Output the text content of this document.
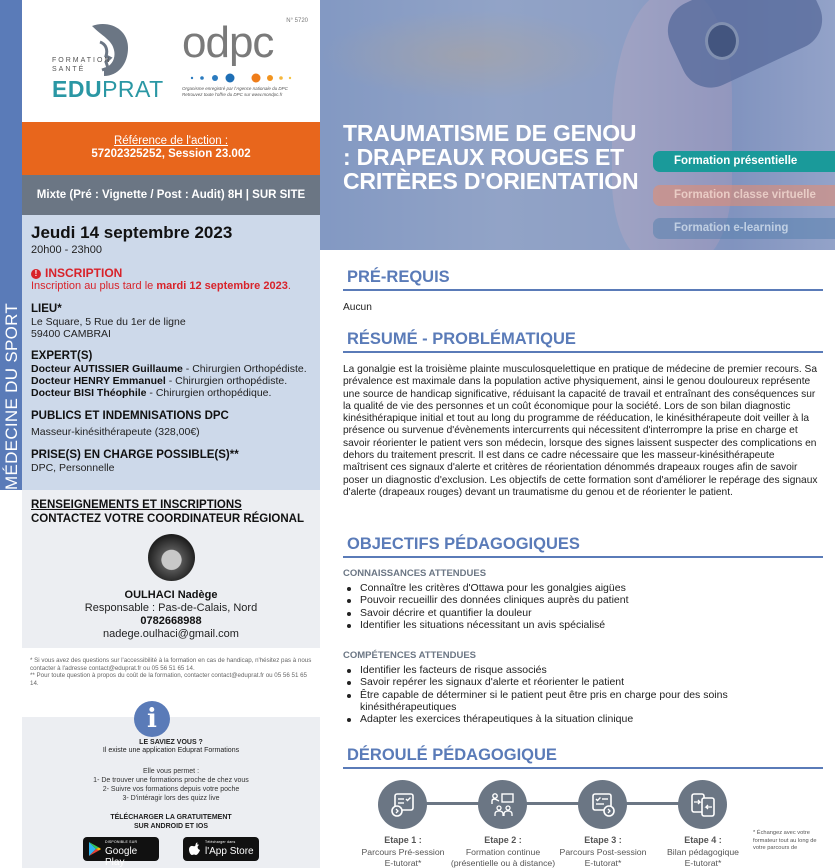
MÉDECINE DU SPORT
FORMATION SANTÉ
EDUPRAT
odpc N° 5720
Organisme enregistré par l'Agence nationale du DPC
Retrouvez toute l'offre du DPC sur www.mondpc.fr
Référence de l'action :
57202325252, Session 23.002
Mixte (Pré : Vignette / Post : Audit) 8H | SUR SITE
Jeudi 14 septembre 2023
20h00 - 23h00
! INSCRIPTION
Inscription au plus tard le mardi 12 septembre 2023.
LIEU*
Le Square, 5 Rue du 1er de ligne
59400 CAMBRAI
EXPERT(S)
Docteur AUTISSIER Guillaume - Chirurgien Orthopédiste.
Docteur HENRY Emmanuel - Chirurgien orthopédiste.
Docteur BISI Théophile - Chirurgien orthopédique.
PUBLICS ET INDEMNISATIONS DPC
Masseur-kinésithérapeute (328,00€)
PRISE(S) EN CHARGE POSSIBLE(S)**
DPC, Personnelle
RENSEIGNEMENTS ET INSCRIPTIONS
CONTACTEZ VOTRE COORDINATEUR RÉGIONAL
OULHACI Nadège
Responsable : Pas-de-Calais, Nord
0782668988
nadege.oulhaci@gmail.com
* Si vous avez des questions sur l'accessibilité à la formation en cas de handicap, n'hésitez pas à nous contacter à l'adresse contact@eduprat.fr ou 05 56 51 65 14.
** Pour toute question à propos du coût de la formation, contacter contact@eduprat.fr ou 05 56 51 65 14.
LE SAVIEZ VOUS ?
Il existe une application Eduprat Formations
Elle vous permet :
1- De trouver une formations proche de chez vous
2- Suivre vos formations depuis votre poche
3- D'intéragir lors des quizz live
TÉLÉCHARGER LA GRATUITEMENT
SUR ANDROID ET IOS
DISPONIBLE SUR
Google Play
Télécharger dans
l'App Store
i
TRAUMATISME DE GENOU : DRAPEAUX ROUGES ET CRITÈRES D'ORIENTATION
Formation présentielle
Formation classe virtuelle
Formation e-learning
PRÉ-REQUIS
Aucun
RÉSUMÉ - PROBLÉMATIQUE
La gonalgie est la troisième plainte musculosquelettique en pratique de médecine de premier recours. Sa prévalence est maximale dans la population active physiquement, ainsi le genou douloureux représente une source de handicap significative, réduisant la capacité de travail et entraînant des conséquences sur la qualité de vie des personnes et un coût économique pour la société. Lors de son bilan diagnostic kinésithérapique initial et tout au long du programme de rééducation, le kinésithérapeute doit veiller à la présence ou survenue d'évènements intercurrents qui nécessitent d'interrompre la prise en charge et savoir réorienter le patient vers son médecin, lorsque des signes laissent suspecter des complications en dehors du traitement prescrit. Il est dans ce cadre nécessaire que les masseur-kinésithérapeute maîtrisent ces signaux d'alerte et critères de réorientation dénommés drapeaux rouges afin de savoir poser un diagnostic d'exclusion. Les objectifs de cette formation sont d'améliorer le repérage des signaux d'alerte (drapeaux rouges) devant un traumatisme du genou et de réorienter le patient.
OBJECTIFS PÉDAGOGIQUES
CONNAISSANCES ATTENDUES
Connaître les critères d'Ottawa pour les gonalgies aigües
Pouvoir recueillir des données cliniques auprès du patient
Savoir décrire et quantifier la douleur
Identifier les situations nécessitant un avis spécialisé
COMPÉTENCES ATTENDUES
Identifier les facteurs de risque associés
Savoir repérer les signaux d'alerte et réorienter le patient
Être capable de déterminer si le patient peut être pris en charge pour des soins kinésithérapeutiques
Adapter les exercices thérapeutiques à la situation clinique
DÉROULÉ PÉDAGOGIQUE
Etape 1 :
Parcours Pré-session
E-tutorat*
Etape 2 :
Formation continue
(présentielle ou à distance)
Etape 3 :
Parcours Post-session
E-tutorat*
Etape 4 :
Bilan pédagogique
E-tutorat*
* Échangez avec votre formateur tout au long de votre parcours de
